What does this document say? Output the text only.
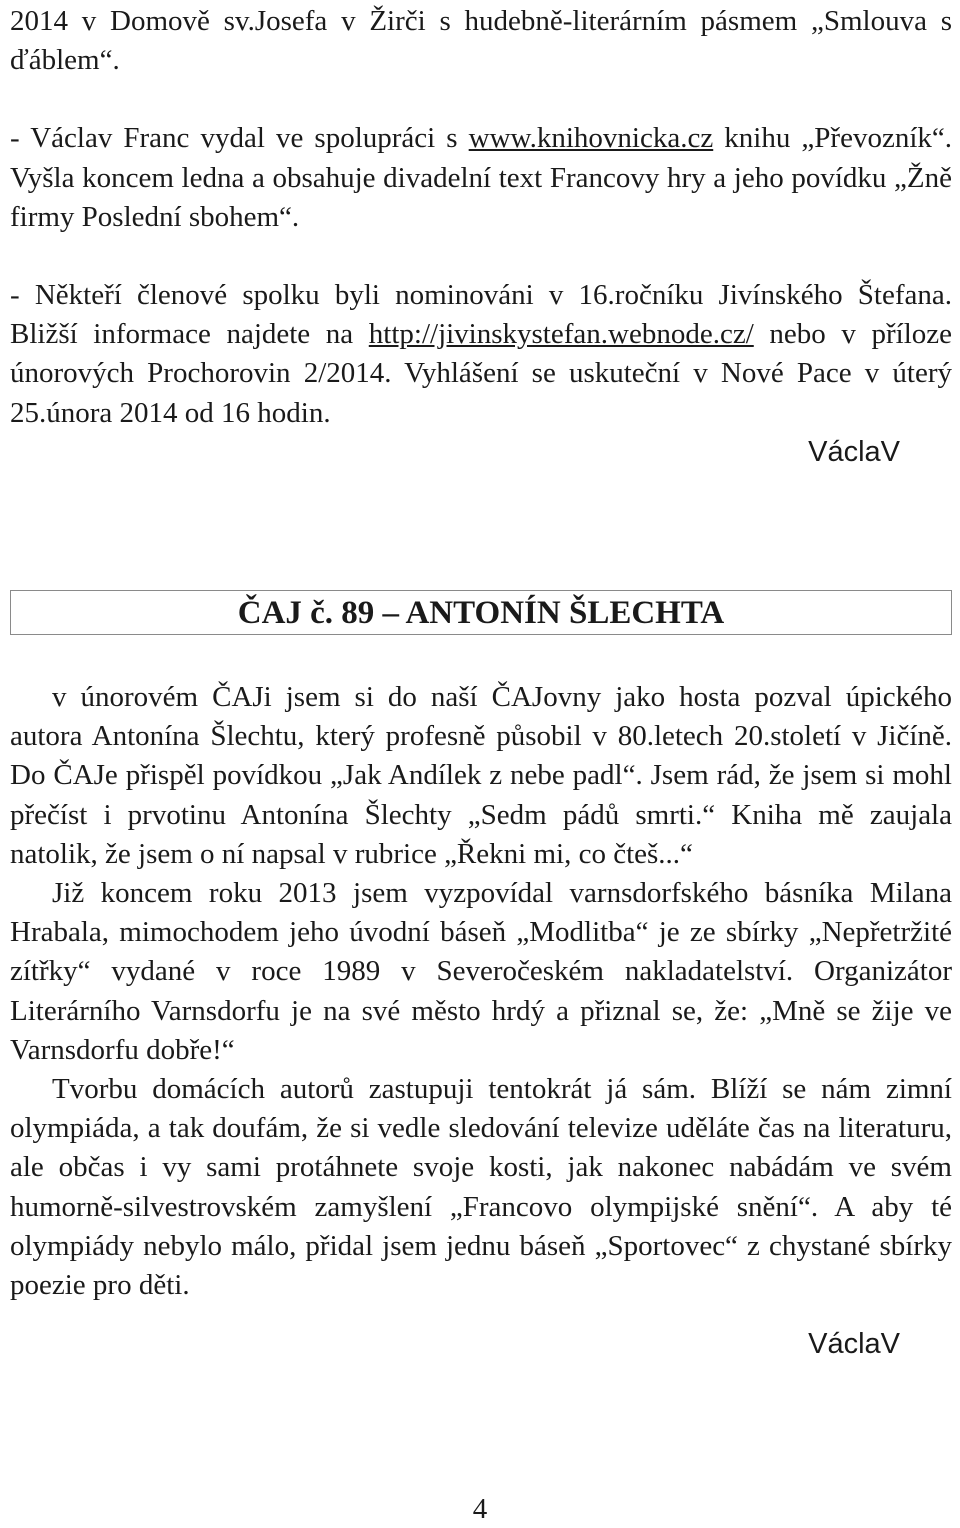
2014 v Domově sv.Josefa v Žirči s hudebně-literárním pásmem „Smlouva s ďáblem“.

- Václav Franc vydal ve spolupráci s www.knihovnicka.cz knihu „Převozník“. Vyšla koncem ledna a obsahuje divadelní text Francovy hry a jeho povídku „Žně firmy Poslední sbohem“.

- Někteří členové spolku byli nominováni v 16.ročníku Jivínského Štefana. Bližší informace najdete na http://jivinskystefan.webnode.cz/ nebo v příloze únorových Prochorovin 2/2014. Vyhlášení se uskuteční v Nové Pace v úterý 25.února 2014 od 16 hodin.

VáclaV

ČAJ č. 89 – ANTONÍN ŠLECHTA

v únorovém ČAJi jsem si do naší ČAJovny jako hosta pozval úpického autora Antonína Šlechtu, který profesně působil v 80.letech 20.století v Jičíně. Do ČAJe přispěl povídkou „Jak Andílek z nebe padl“. Jsem rád, že jsem si mohl přečíst i prvotinu Antonína Šlechty „Sedm pádů smrti.“ Kniha mě zaujala natolik, že jsem o ní napsal v rubrice „Řekni mi, co čteš...“

Již koncem roku 2013 jsem vyzpovídal varnsdorfského básníka Milana Hrabala, mimochodem jeho úvodní báseň „Modlitba“ je ze sbírky „Nepřetržité zítřky“ vydané v roce 1989 v Severočeském nakladatelství. Organizátor Literárního Varnsdorfu je na své město hrdý a přiznal se, že: „Mně se žije ve Varnsdorfu dobře!“

Tvorbu domácích autorů zastupuji tentokrát já sám. Blíží se nám zimní olympiáda, a tak doufám, že si vedle sledování televize uděláte čas na literaturu, ale občas i vy sami protáhnete svoje kosti, jak nakonec nabádám ve svém humorně-silvestrovském zamyšlení „Francovo olympijské snění“. A aby té olympiády nebylo málo, přidal jsem jednu báseň „Sportovec“ z chystané sbírky poezie pro děti.

VáclaV

4
